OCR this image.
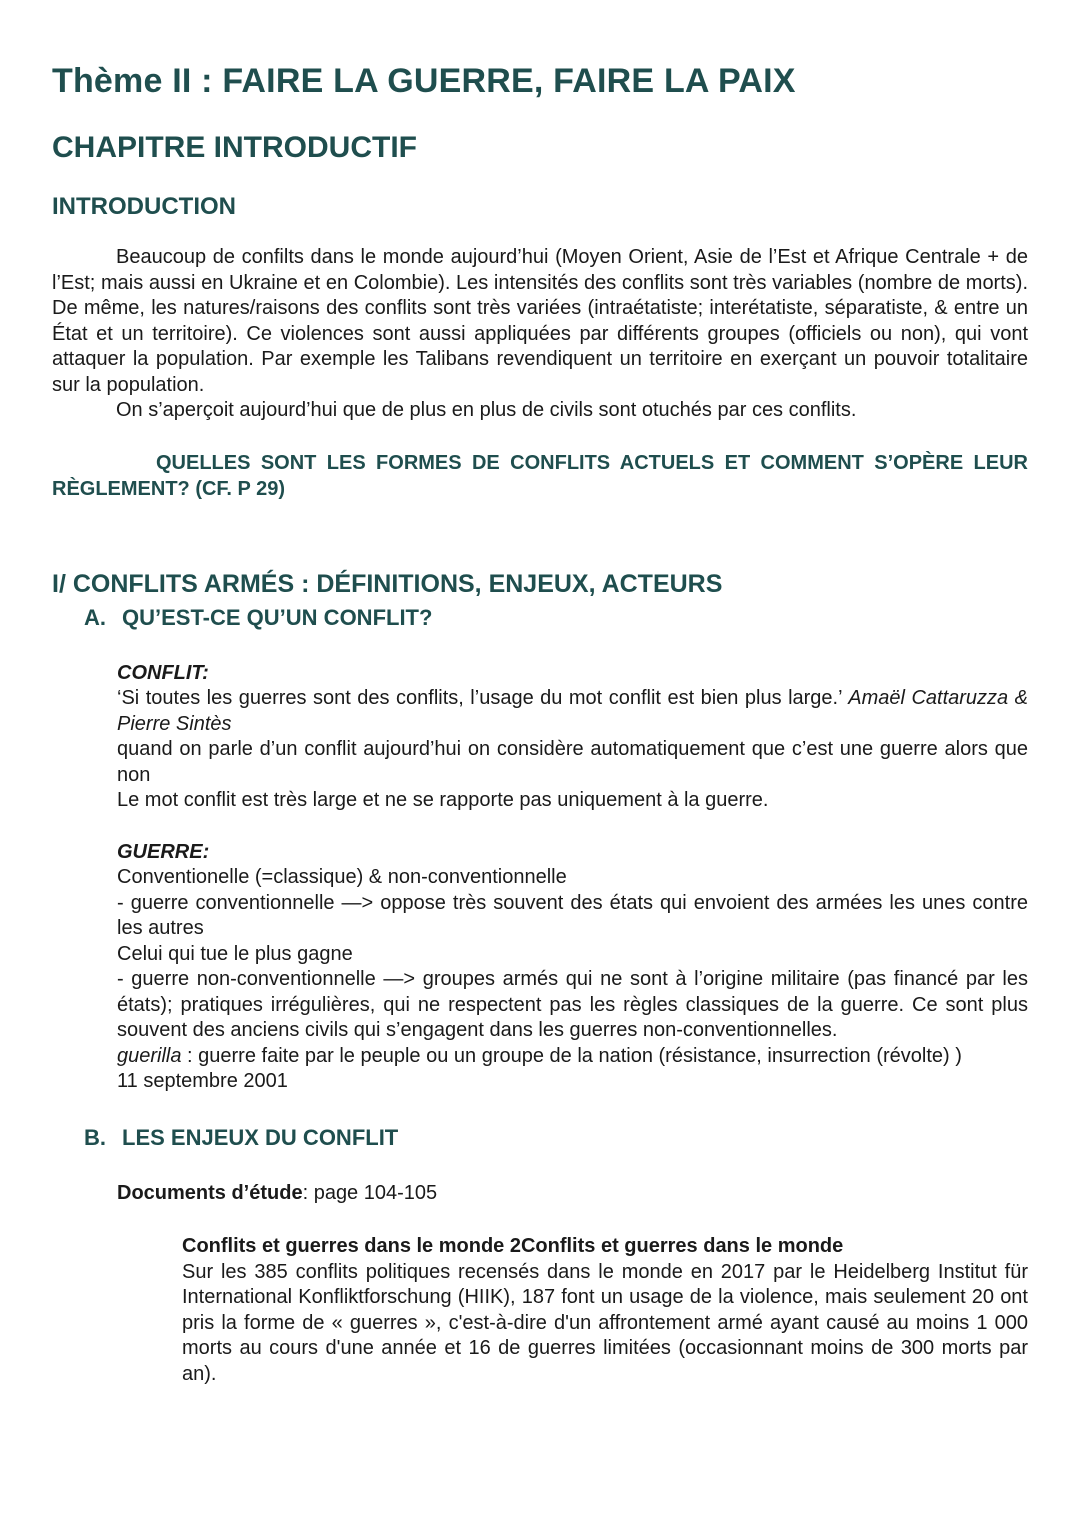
Thème II : FAIRE LA GUERRE, FAIRE LA PAIX
CHAPITRE INTRODUCTIF
INTRODUCTION

Beaucoup de confilts dans le monde aujourd’hui (Moyen Orient, Asie de l’Est et Afrique Centrale + de l’Est; mais aussi en Ukraine et en Colombie). Les intensités des conflits sont très variables (nombre de morts). De même, les natures/raisons des conflits sont très variées (intraétatiste; interétatiste, séparatiste, & entre un État et un territoire). Ce violences sont aussi appliquées par différents groupes (officiels ou non), qui vont attaquer la population. Par exemple les Talibans revendiquent un territoire en exerçant un pouvoir totalitaire sur la population.

On s’aperçoit aujourd’hui que de plus en plus de civils sont otuchés par ces conflits.

QUELLES SONT LES FORMES DE CONFLITS ACTUELS ET COMMENT S’OPÈRE LEUR RÈGLEMENT? (CF. P 29)
I/ CONFLITS ARMÉS : DÉFINITIONS, ENJEUX, ACTEURS
A. QU’EST-CE QU’UN CONFLIT?
CONFLIT:

‘Si toutes les guerres sont des conflits, l’usage du mot conflit est bien plus large.’ Amaël Cattaruzza & Pierre Sintès

quand on parle d’un conflit aujourd’hui on considère automatiquement que c’est une guerre alors que non

Le mot conflit est très large et ne se rapporte pas uniquement à la guerre.

GUERRE:

Conventionelle (=classique) & non-conventionnelle

- guerre conventionnelle —> oppose très souvent des états qui envoient des armées les unes contre les autres

Celui qui tue le plus gagne

- guerre non-conventionnelle —> groupes armés qui ne sont à l’origine militaire (pas financé par les états); pratiques irrégulières, qui ne respectent pas les règles classiques de la guerre. Ce sont plus souvent des anciens civils qui s’engagent dans les guerres non-conventionnelles.

guerilla : guerre faite par le peuple ou un groupe de la nation (résistance, insurrection (révolte) )

11 septembre 2001

B. LES ENJEUX DU CONFLIT

Documents d’étude: page 104-105

Conflits et guerres dans le monde 2Conflits et guerres dans le monde

Sur les 385 conflits politiques recensés dans le monde en 2017 par le Heidelberg Institut für International Konfliktforschung (HIIK), 187 font un usage de la violence, mais seulement 20 ont pris la forme de « guerres », c'est-à-dire d'un affrontement armé ayant causé au moins 1 000 morts au cours d'une année et 16 de guerres limitées (occasionnant moins de 300 morts par an).
